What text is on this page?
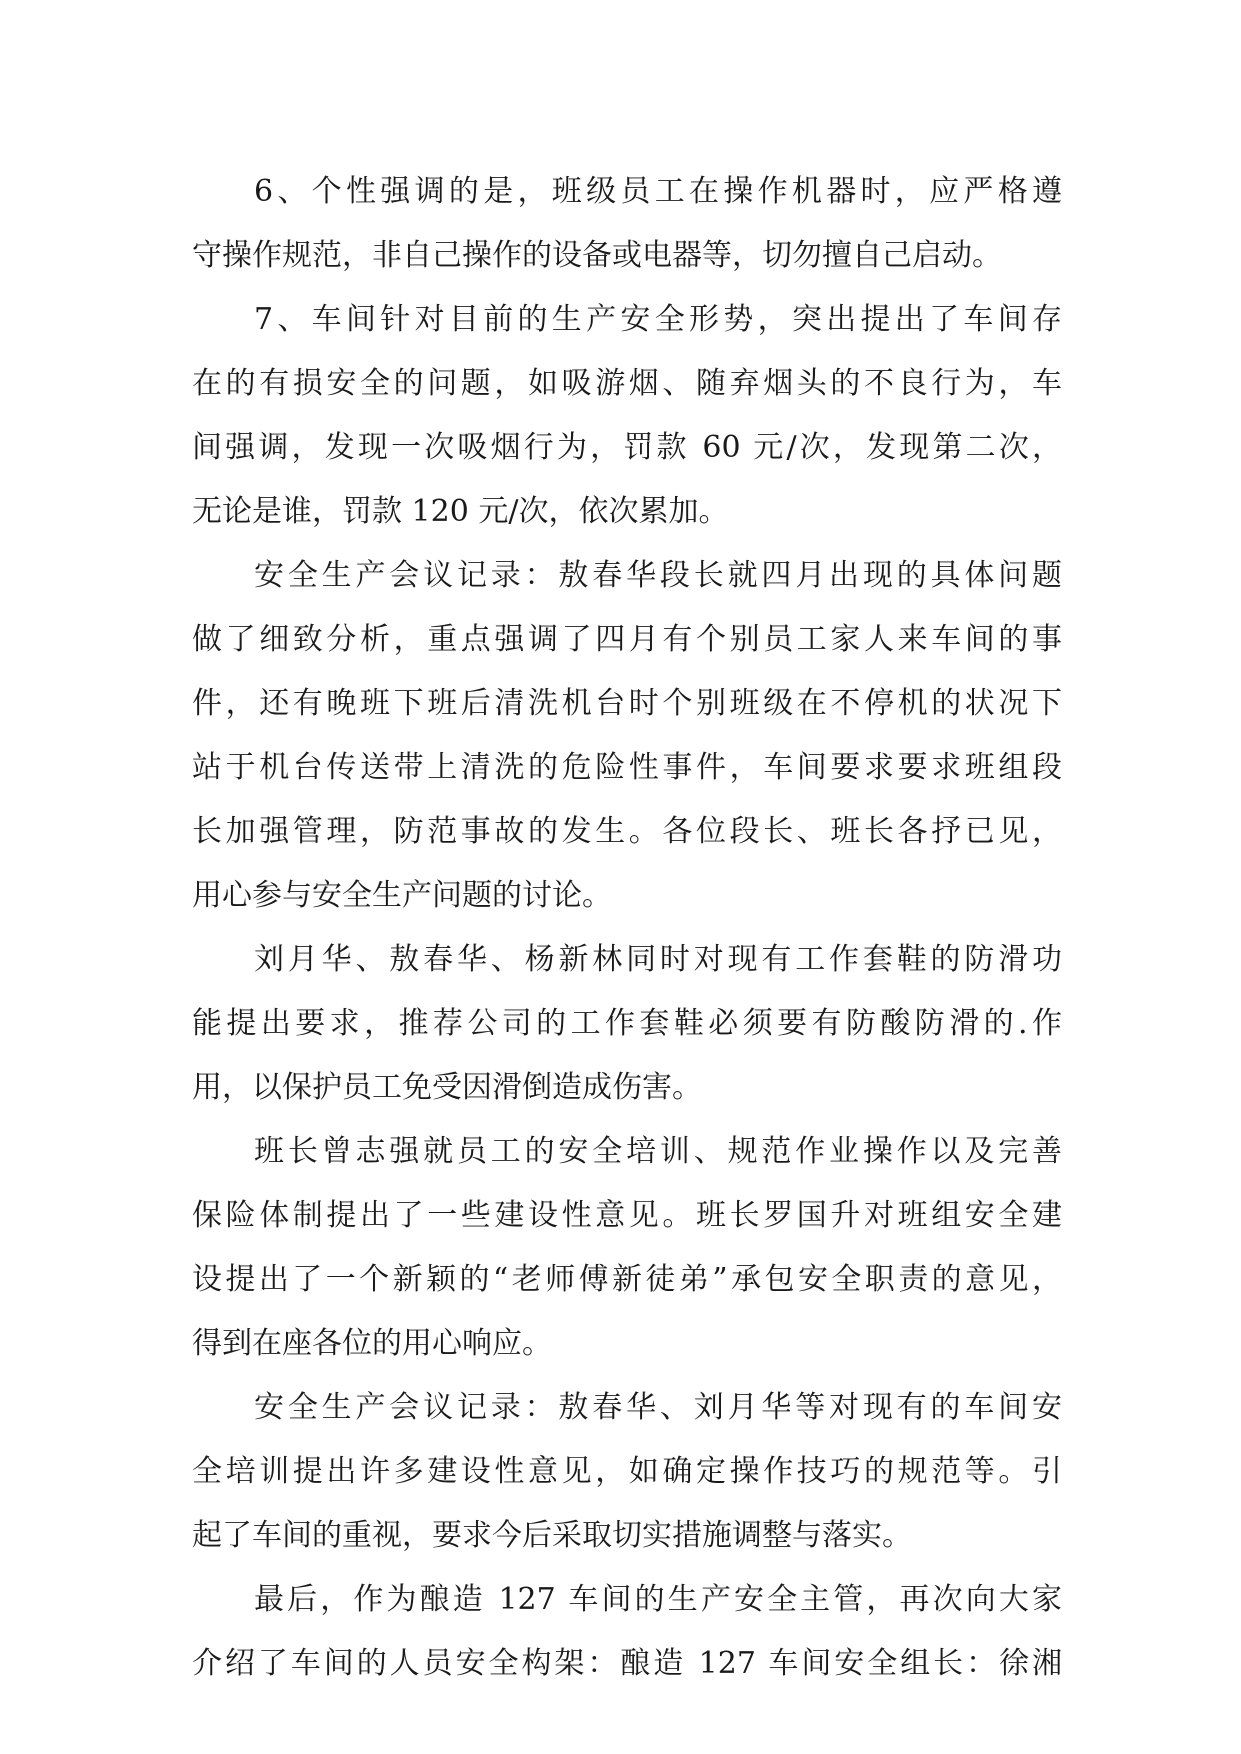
6、个性强调的是，班级员工在操作机器时，应严格遵
守操作规范，非自己操作的设备或电器等，切勿擅自己启动。
7、车间针对目前的生产安全形势，突出提出了车间存
在的有损安全的问题，如吸游烟、随弃烟头的不良行为，车
间强调，发现一次吸烟行为，罚款 60 元/次，发现第二次，
无论是谁，罚款 120 元/次，依次累加。
安全生产会议记录：敖春华段长就四月出现的具体问题
做了细致分析，重点强调了四月有个别员工家人来车间的事
件，还有晚班下班后清洗机台时个别班级在不停机的状况下
站于机台传送带上清洗的危险性事件，车间要求要求班组段
长加强管理，防范事故的发生。各位段长、班长各抒已见，
用心参与安全生产问题的讨论。
刘月华、敖春华、杨新林同时对现有工作套鞋的防滑功
能提出要求，推荐公司的工作套鞋必须要有防酸防滑的.作
用，以保护员工免受因滑倒造成伤害。
班长曾志强就员工的安全培训、规范作业操作以及完善
保险体制提出了一些建设性意见。班长罗国升对班组安全建
设提出了一个新颖的“老师傅新徒弟”承包安全职责的意见，
得到在座各位的用心响应。
安全生产会议记录：敖春华、刘月华等对现有的车间安
全培训提出许多建设性意见，如确定操作技巧的规范等。引
起了车间的重视，要求今后采取切实措施调整与落实。
最后，作为酿造 127 车间的生产安全主管，再次向大家
介绍了车间的人员安全构架：酿造 127 车间安全组长：徐湘
